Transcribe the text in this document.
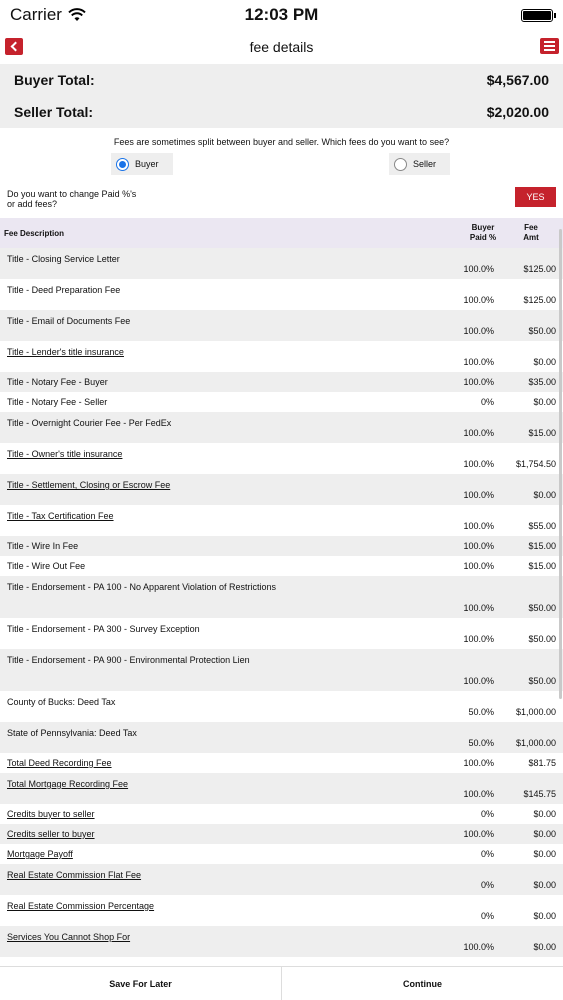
Carrier	12:03 PM
fee details
Buyer Total:	$4,567.00
Seller Total:	$2,020.00
Fees are sometimes split between buyer and seller. Which fees do you want to see?
Buyer	Seller
Do you want to change Paid %'s
or add fees?
YES
Fee Description
Buyer
Paid %
Fee
Amt
Title - Closing Service Letter
100.0%	$125.00
Title - Deed Preparation Fee
100.0%	$125.00
Title - Email of Documents Fee
100.0%	$50.00
Title - Lender's title insurance
100.0%	$0.00
Title - Notary Fee - Buyer	100.0%	$35.00
Title - Notary Fee - Seller	0%	$0.00
Title - Overnight Courier Fee - Per FedEx
100.0%	$15.00
Title - Owner's title insurance
100.0% $1,754.50
Title - Settlement, Closing or Escrow Fee
100.0%	$0.00
Title - Tax Certification Fee
100.0%	$55.00
Title - Wire In Fee	100.0%	$15.00
Title - Wire Out Fee	100.0%	$15.00
Title - Endorsement - PA 100 - No Apparent Violation of Restrictions
100.0%	$50.00
Title - Endorsement - PA 300 - Survey Exception
100.0%	$50.00
Title - Endorsement - PA 900 - Environmental Protection Lien
100.0%	$50.00
County of Bucks: Deed Tax
50.0% $1,000.00
State of Pennsylvania: Deed Tax
50.0% $1,000.00
Total Deed Recording Fee	100.0%	$81.75
Total Mortgage Recording Fee
100.0%	$145.75
Credits buyer to seller	0%	$0.00
Credits seller to buyer	100.0%	$0.00
Mortgage Payoff	0%	$0.00
Real Estate Commission Flat Fee
0%	$0.00
Real Estate Commission Percentage
0%	$0.00
Services You Cannot Shop For
100.0%	$0.00
Save For Later	Continue
